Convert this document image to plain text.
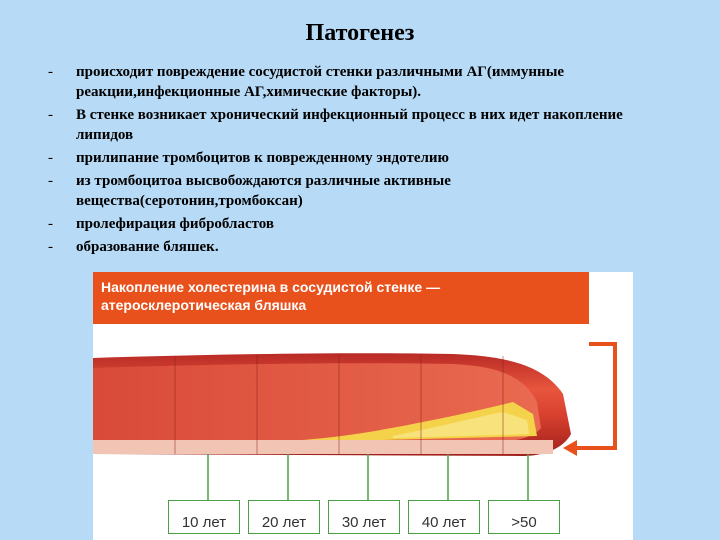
Патогенез
-	происходит повреждение сосудистой стенки различными АГ(иммунные реакции,инфекционные АГ,химические факторы).
-	В стенке возникает хронический инфекционный процесс в них идет накопление липидов
-	прилипание тромбоцитов к поврежденному эндотелию
-	из тромбоцитоа высвобождаются различные активные вещества(серотонин,тромбоксан)
-	пролефирация фибробластов
-	образование бляшек.
Накопление холестерина в сосудистой стенке —
атеросклеротическая бляшка
10 лет	20 лет	30 лет	40 лет	>50
